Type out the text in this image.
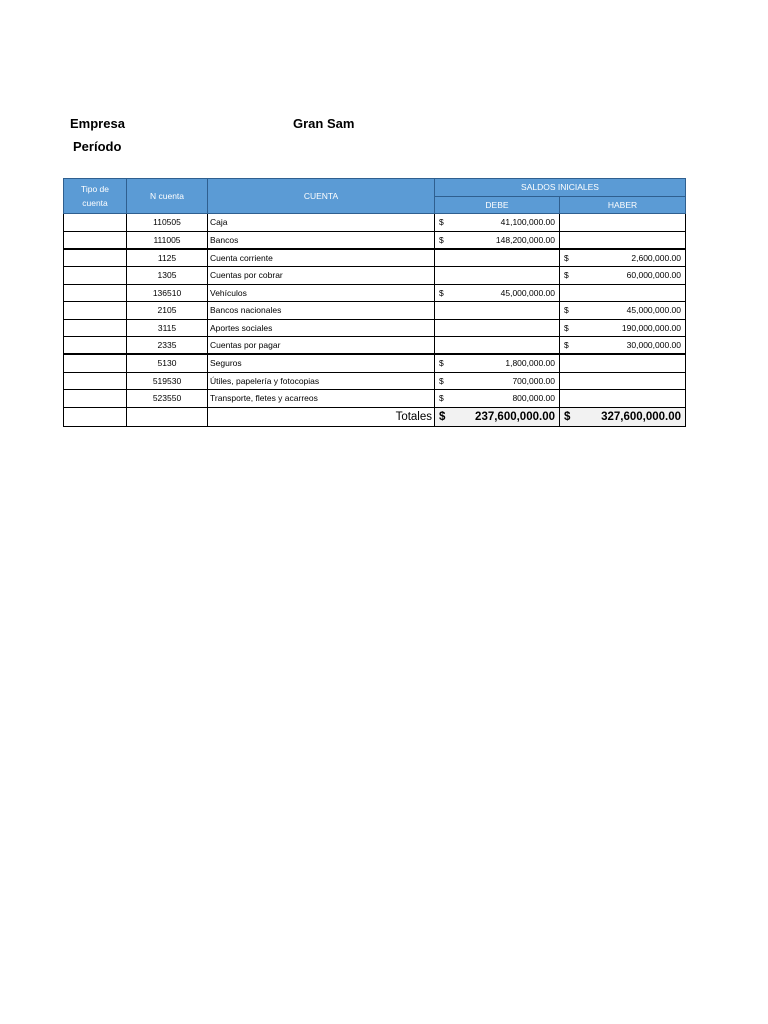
Empresa
Período
Gran Sam
Tipo de cuenta	N cuenta	CUENTA	SALDOS INICIALES	
			DEBE	HABER
	110505	Caja	$ 41,100,000.00	

	111005	Bancos	$ 148,200,000.00	

	1125	Cuenta corriente		$ 2,600,000.00

	1305	Cuentas por cobrar		$ 60,000,000.00

	136510	Vehículos	$ 45,000,000.00	

	2105	Bancos nacionales		$ 45,000,000.00

	3115	Aportes sociales		$ 190,000,000.00

	2335	Cuentas por pagar		$ 30,000,000.00

	5130	Seguros	$ 1,800,000.00	

	519530	Útiles, papelería y fotocopias	$ 700,000.00	

	523550	Transporte, fletes y acarreos	$ 800,000.00	

		Totales	$ 237,600,000.00	$ 327,600,000.00
